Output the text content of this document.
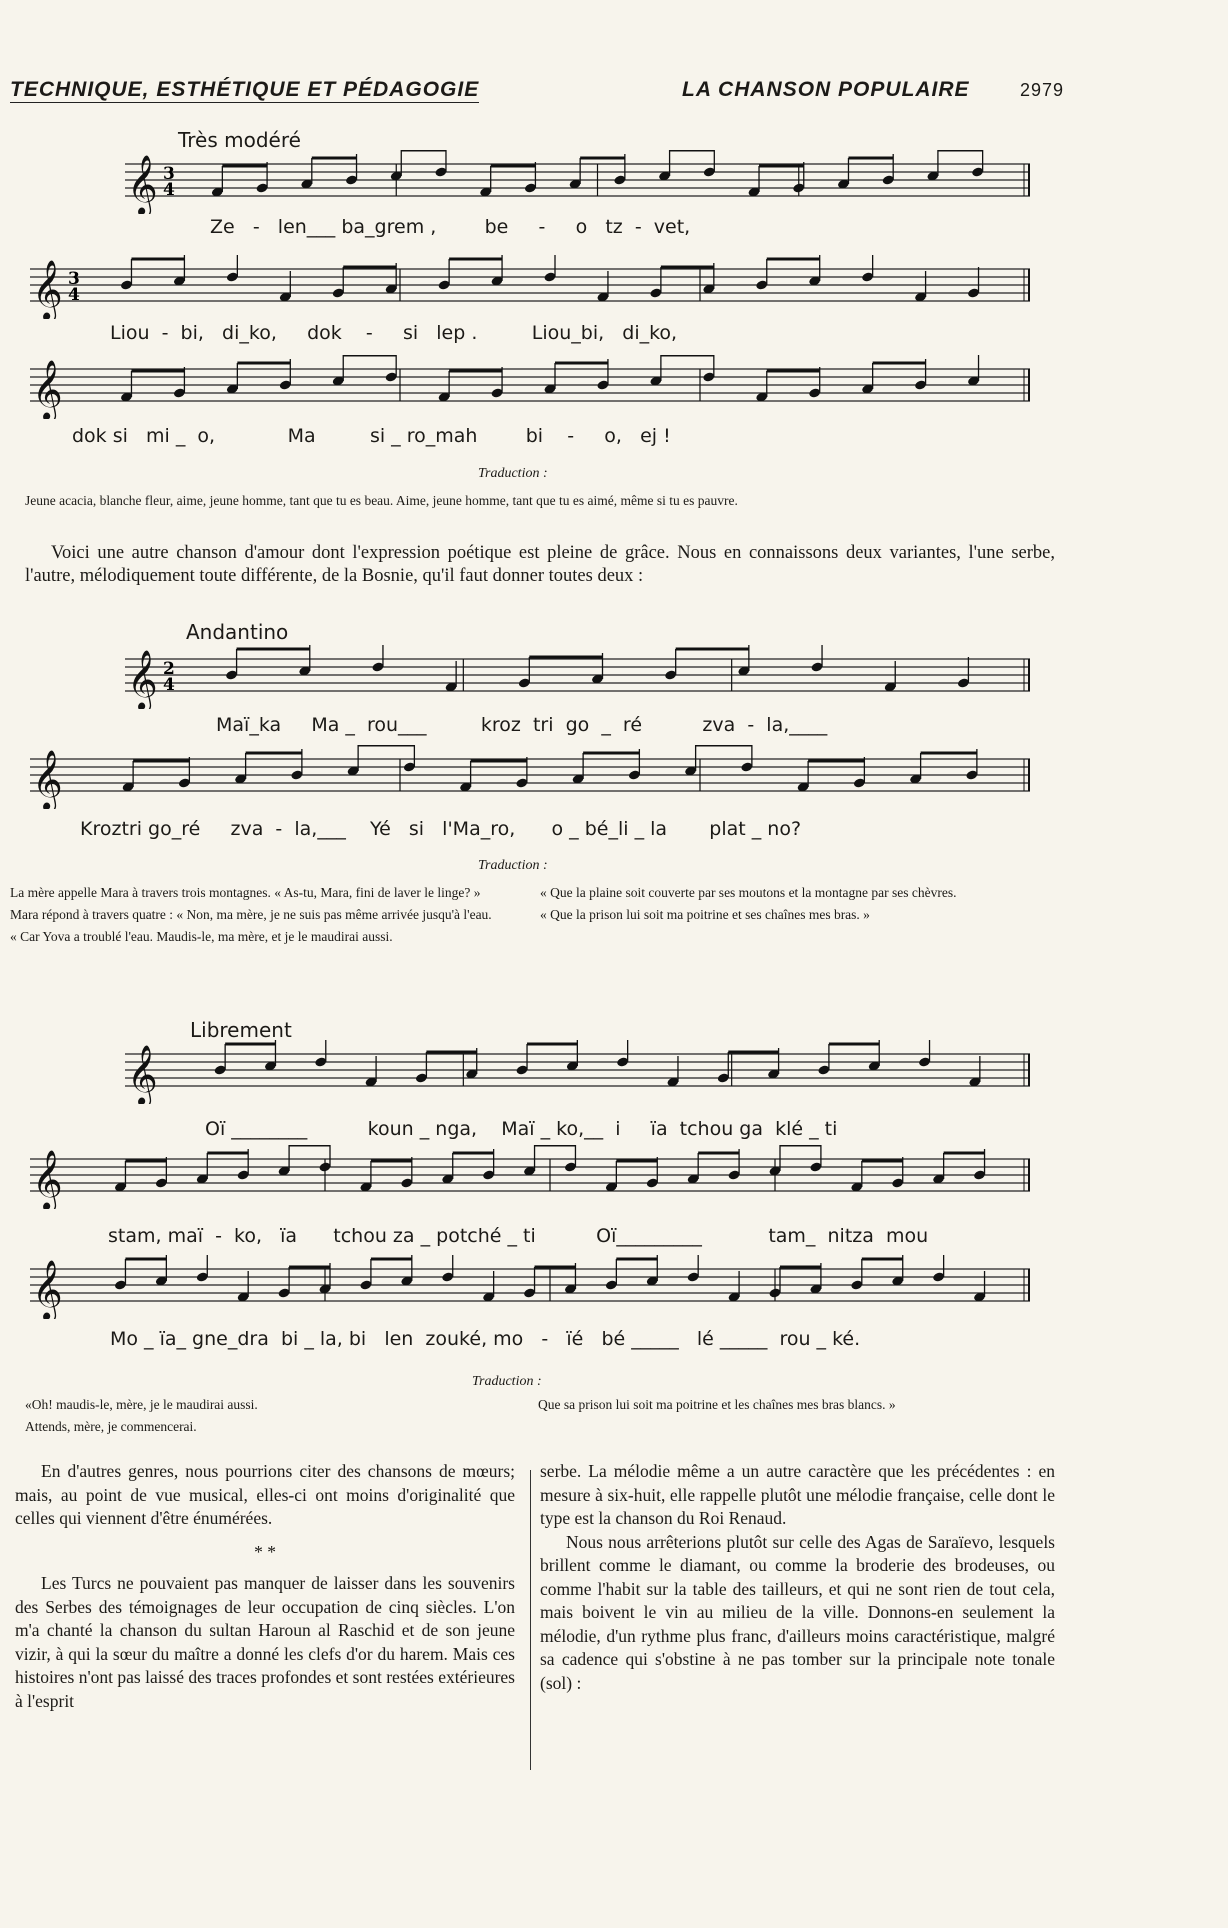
TECHNIQUE, ESTHÉTIQUE ET PÉDAGOGIE	LA CHANSON POPULAIRE	2979
Très modéré
𝄞 3
4
Ze   -   len___ ba_grem ,        be     -     o   tz  -  vet,
𝄞 3
4
Liou  -  bi,   di_ko,     dok    -     si   lep .         Liou_bi,   di_ko,
𝄞
dok si   mi _  o,            Ma         si _ ro_mah        bi    -     o,   ej !
Traduction :
Jeune acacia, blanche fleur, aime, jeune homme, tant que tu es beau. Aime, jeune homme, tant que tu es aimé, même si tu es pauvre.

Voici une autre chanson d'amour dont l'expression poétique est pleine de grâce. Nous en connaissons deux variantes, l'une serbe, l'autre, mélodiquement toute différente, de la Bosnie, qu'il faut donner toutes deux :

Andantino
𝄞 2
4
Maï_ka     Ma _  rou___         kroz  tri  go  _  ré          zva  -  la,____
𝄞
Kroztri go_ré     zva  -  la,___    Yé   si   l'Ma_ro,      o _ bé_li _ la       plat _ no?
Traduction :

La mère appelle Mara à travers trois montagnes. « As-tu, Mara, fini de laver le linge? »

Mara répond à travers quatre : « Non, ma mère, je ne suis pas même arrivée jusqu'à l'eau.

« Car Yova a troublé l'eau. Maudis-le, ma mère, et je le maudirai aussi.

« Que la plaine soit couverte par ses moutons et la montagne par ses chèvres.

« Que la prison lui soit ma poitrine et ses chaînes mes bras. »

Librement
𝄞
Oï ________          koun _ nga,    Maï _ ko,__  i     ïa  tchou ga  klé _ ti
𝄞
stam, maï  -  ko,   ïa      tchou za _ potché _ ti          Oï_________           tam_  nitza  mou
𝄞
Mo _ ïa_ gne_dra  bi _ la, bi   len  zouké, mo   -   ïé   bé _____   lé _____  rou _ ké.
Traduction :

«Oh! maudis-le, mère, je le maudirai aussi.

Attends, mère, je commencerai.

Que sa prison lui soit ma poitrine et les chaînes mes bras blancs. »

En d'autres genres, nous pourrions citer des chansons de mœurs; mais, au point de vue musical, elles-ci ont moins d'originalité que celles qui viennent d'être énumérées.

* *

Les Turcs ne pouvaient pas manquer de laisser dans les souvenirs des Serbes des témoignages de leur occupation de cinq siècles. L'on m'a chanté la chanson du sultan Haroun al Raschid et de son jeune vizir, à qui la sœur du maître a donné les clefs d'or du harem. Mais ces histoires n'ont pas laissé des traces profondes et sont restées extérieures à l'esprit

serbe. La mélodie même a un autre caractère que les précédentes : en mesure à six-huit, elle rappelle plutôt une mélodie française, celle dont le type est la chanson du Roi Renaud.

Nous nous arrêterions plutôt sur celle des Agas de Saraïevo, lesquels brillent comme le diamant, ou comme la broderie des brodeuses, ou comme l'habit sur la table des tailleurs, et qui ne sont rien de tout cela, mais boivent le vin au milieu de la ville. Donnons-en seulement la mélodie, d'un rythme plus franc, d'ailleurs moins caractéristique, malgré sa cadence qui s'obstine à ne pas tomber sur la principale note tonale (sol) :
